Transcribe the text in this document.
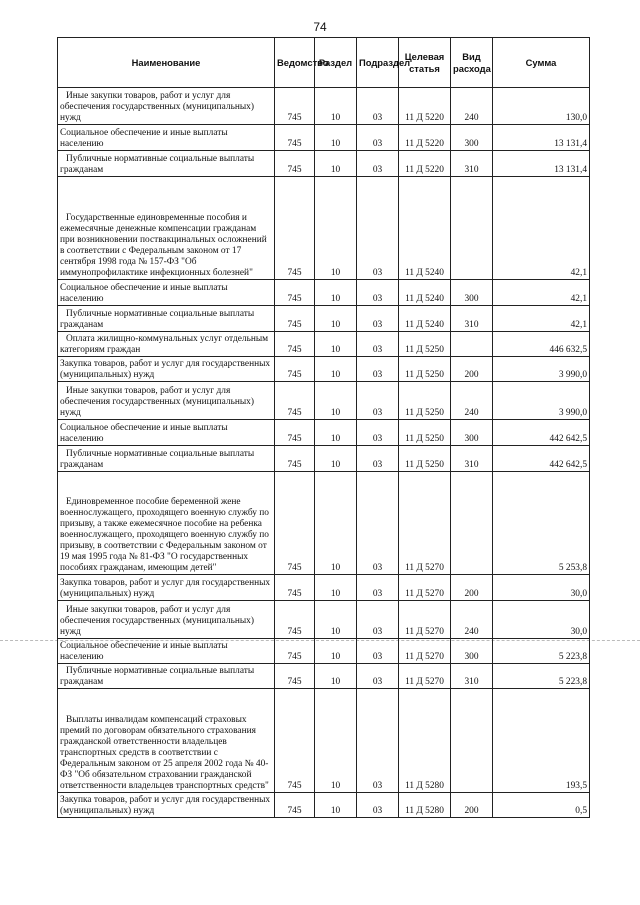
74
Наименование	Ведомство	Раздел	Подраздел	Целевая статья	Вид расхода	Сумма
Иные закупки товаров, работ и услуг для обеспечения государственных (муниципальных) нужд	745	10	03	11 Д 5220	240	130,0
Социальное обеспечение и иные выплаты населению	745	10	03	11 Д 5220	300	13 131,4
Публичные нормативные социальные выплаты гражданам	745	10	03	11 Д 5220	310	13 131,4
Государственные единовременные пособия и ежемесячные денежные компенсации гражданам при возникновении поствакцинальных осложнений в соответствии с Федеральным законом от 17 сентября 1998 года № 157-ФЗ "Об иммунопрофилактике инфекционных болезней"	745	10	03	11 Д 5240		42,1
Социальное обеспечение и иные выплаты населению	745	10	03	11 Д 5240	300	42,1
Публичные нормативные социальные выплаты гражданам	745	10	03	11 Д 5240	310	42,1
Оплата жилищно-коммунальных услуг отдельным категориям граждан	745	10	03	11 Д 5250		446 632,5
Закупка товаров, работ и услуг для государственных (муниципальных) нужд	745	10	03	11 Д 5250	200	3 990,0
Иные закупки товаров, работ и услуг для обеспечения государственных (муниципальных) нужд	745	10	03	11 Д 5250	240	3 990,0
Социальное обеспечение и иные выплаты населению	745	10	03	11 Д 5250	300	442 642,5
Публичные нормативные социальные выплаты гражданам	745	10	03	11 Д 5250	310	442 642,5
Единовременное пособие беременной жене военнослужащего, проходящего военную службу по призыву, а также ежемесячное пособие на ребенка военнослужащего, проходящего военную службу по призыву, в соответствии с Федеральным законом от 19 мая 1995 года № 81-ФЗ "О государственных пособиях гражданам, имеющим детей"	745	10	03	11 Д 5270		5 253,8
Закупка товаров, работ и услуг для государственных (муниципальных) нужд	745	10	03	11 Д 5270	200	30,0
Иные закупки товаров, работ и услуг для обеспечения государственных (муниципальных) нужд	745	10	03	11 Д 5270	240	30,0
Социальное обеспечение и иные выплаты населению	745	10	03	11 Д 5270	300	5 223,8
Публичные нормативные социальные выплаты гражданам	745	10	03	11 Д 5270	310	5 223,8
Выплаты инвалидам компенсаций страховых премий по договорам обязательного страхования гражданской ответственности владельцев транспортных средств в соответствии с Федеральным законом от 25 апреля 2002 года № 40-ФЗ "Об обязательном страховании гражданской ответственности владельцев транспортных средств"	745	10	03	11 Д 5280		193,5
Закупка товаров, работ и услуг для государственных (муниципальных) нужд	745	10	03	11 Д 5280	200	0,5
